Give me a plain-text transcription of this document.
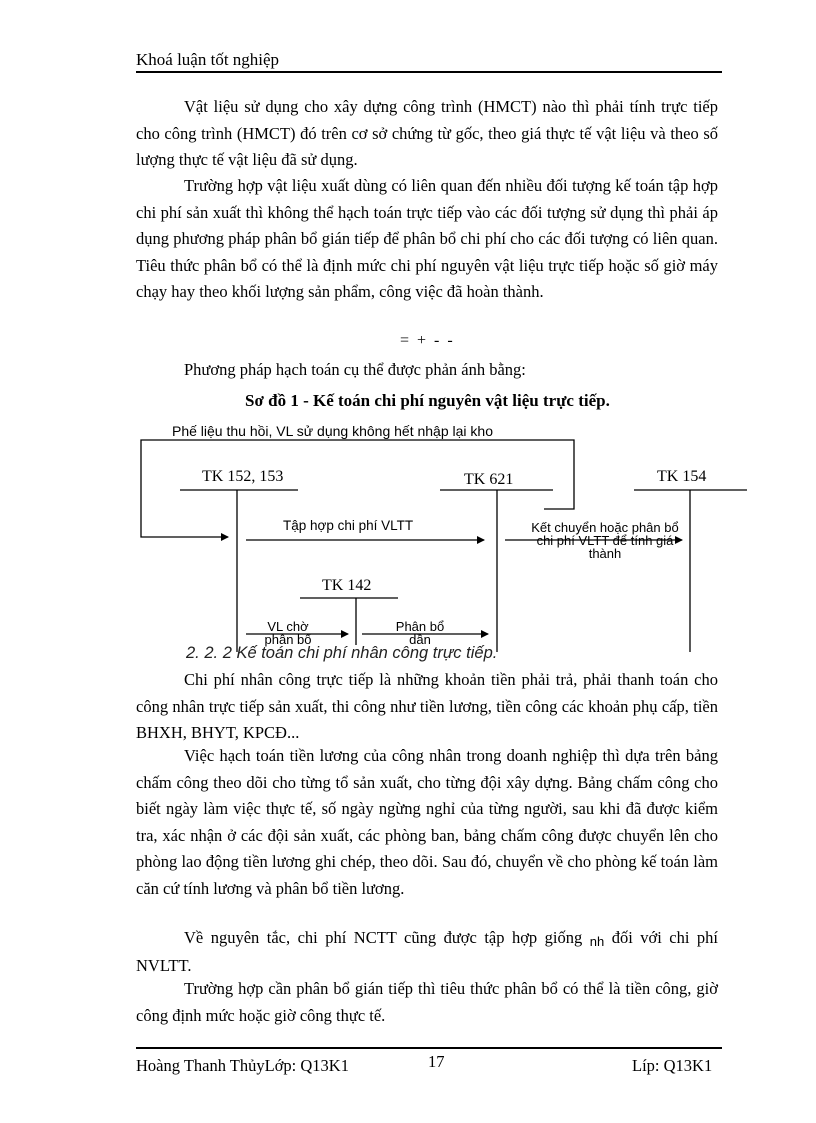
Khoá luận tốt nghiệp
Vật liệu sử dụng cho xây dựng công trình (HMCT) nào thì phải tính trực tiếp cho công trình (HMCT) đó trên cơ sở chứng từ gốc, theo giá thực tế vật liệu và theo số lượng thực tế vật liệu đã sử dụng.
Trường hợp vật liệu xuất dùng có liên quan đến nhiều đối tượng kế toán tập hợp chi phí sản xuất thì không thể hạch toán trực tiếp vào các đối tượng sử dụng thì phải áp dụng phương pháp phân bổ gián tiếp để phân bổ chi phí cho các đối tượng có liên quan. Tiêu thức phân bổ có thể là định mức chi phí nguyên vật liệu trực tiếp hoặc số giờ máy chạy hay theo khối lượng sản phẩm, công việc đã hoàn thành.
= + - -
Phương pháp hạch toán cụ thể được phản ánh bằng:
Sơ đồ 1 - Kế toán chi phí nguyên vật liệu trực tiếp.
Phế liệu thu hồi, VL sử dụng không hết nhập lại kho
TK 152, 153	TK 621	TK 154
TK 142
Tập hợp chi phí VLTT	Kết chuyển hoặc phân bổ
chi phí VLTT để tính giá
thành
VL chờ
phân bổ
Phân bổ
dần
2. 2. 2 Kế toán chi phí nhân công trực tiếp.
Chi phí nhân công trực tiếp là những khoản tiền phải trả, phải thanh toán cho công nhân trực tiếp sản xuất, thi công như tiền lương, tiền công các khoản phụ cấp, tiền BHXH, BHYT, KPCĐ...
Việc hạch toán tiền lương của công nhân trong doanh nghiệp thì dựa trên bảng chấm công theo dõi cho từng tổ sản xuất, cho từng đội xây dựng. Bảng chấm công cho biết ngày làm việc thực tế, số ngày ngừng nghỉ của từng người, sau khi đã được kiểm tra, xác nhận ở các đội sản xuất, các phòng ban, bảng chấm công được chuyển lên cho phòng lao động tiền lương ghi chép, theo dõi. Sau đó, chuyển về cho phòng kế toán làm căn cứ tính lương và phân bổ tiền lương.
Về nguyên tắc, chi phí NCTT cũng được tập hợp giống nh đối với chi phí NVLTT.
Trường hợp cần phân bổ gián tiếp thì tiêu thức phân bổ có thể là tiền công, giờ công định mức hoặc giờ công thực tế.
Hoàng Thanh ThủyLớp: Q13K1	17	Líp: Q13K1
